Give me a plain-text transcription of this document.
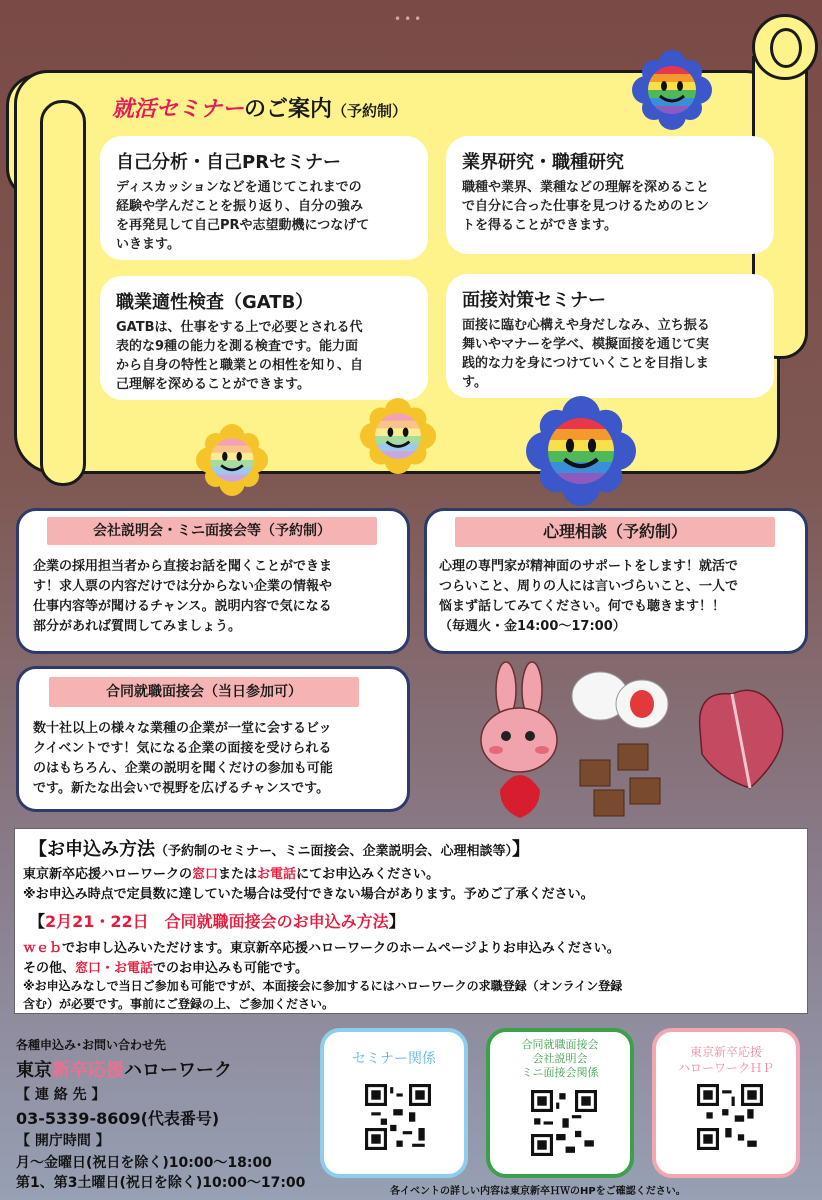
•••
就活セミナーのご案内（予約制）
自己分析・自己PRセミナー

ディスカッションなどを通じてこれまでの
経験や学んだことを振り返り、自分の強み
を再発見して自己PRや志望動機につなげて
いきます。

業界研究・職種研究

職種や業界、業種などの理解を深めること
で自分に合った仕事を見つけるためのヒン
トを得ることができます。

職業適性検査（GATB）

GATBは、仕事をする上で必要とされる代
表的な9種の能力を測る検査です。能力面
から自身の特性と職業との相性を知り、自
己理解を深めることができます。

面接対策セミナー

面接に臨む心構えや身だしなみ、立ち振る
舞いやマナーを学べ、模擬面接を通じて実
践的な力を身につけていくことを目指しま
す。

会社説明会・ミニ面接会等（予約制）

企業の採用担当者から直接お話を聞くことができま
す！求人票の内容だけでは分からない企業の情報や
仕事内容等が聞けるチャンス。説明内容で気になる
部分があれば質問してみましょう。

心理相談（予約制）

心理の専門家が精神面のサポートをします！就活で
つらいこと、周りの人には言いづらいこと、一人で
悩まず話してみてください。何でも聴きます！！
（毎週火・金14:00～17:00）

合同就職面接会（当日参加可）

数十社以上の様々な業種の企業が一堂に会するビッ
クイベントです！気になる企業の面接を受けられる
のはもちろん、企業の説明を聞くだけの参加も可能
です。新たな出会いで視野を広げるチャンスです。

【お申込み方法（予約制のセミナー、ミニ面接会、企業説明会、心理相談等）】
東京新卒応援ハローワークの窓口またはお電話にてお申込みください。
※お申込み時点で定員数に達していた場合は受付できない場合があります。予めご了承ください。
【2月21・22日　合同就職面接会のお申込み方法】
ｗｅｂでお申し込みいただけます。東京新卒応援ハローワークのホームページよりお申込みください。
その他、窓口・お電話でのお申込みも可能です。
※お申込みなしで当日ご参加も可能ですが、本面接会に参加するにはハローワークの求職登録（オンライン登録
含む）が必要です。事前にご登録の上、ご参加ください。
各種申込み･お問い合わせ先
東京新卒応援ハローワーク
【 連 絡 先 】
03-5339-8609(代表番号)
【 開庁時間 】
月～金曜日(祝日を除く)10:00～18:00
第1、第3土曜日(祝日を除く)10:00～17:00
セミナー関係
合同就職面接会
会社説明会
ミニ面接会関係
東京新卒応援
ハローワークＨＰ
各イベントの詳しい内容は東京新卒ＨＷのHPをご確認ください。
